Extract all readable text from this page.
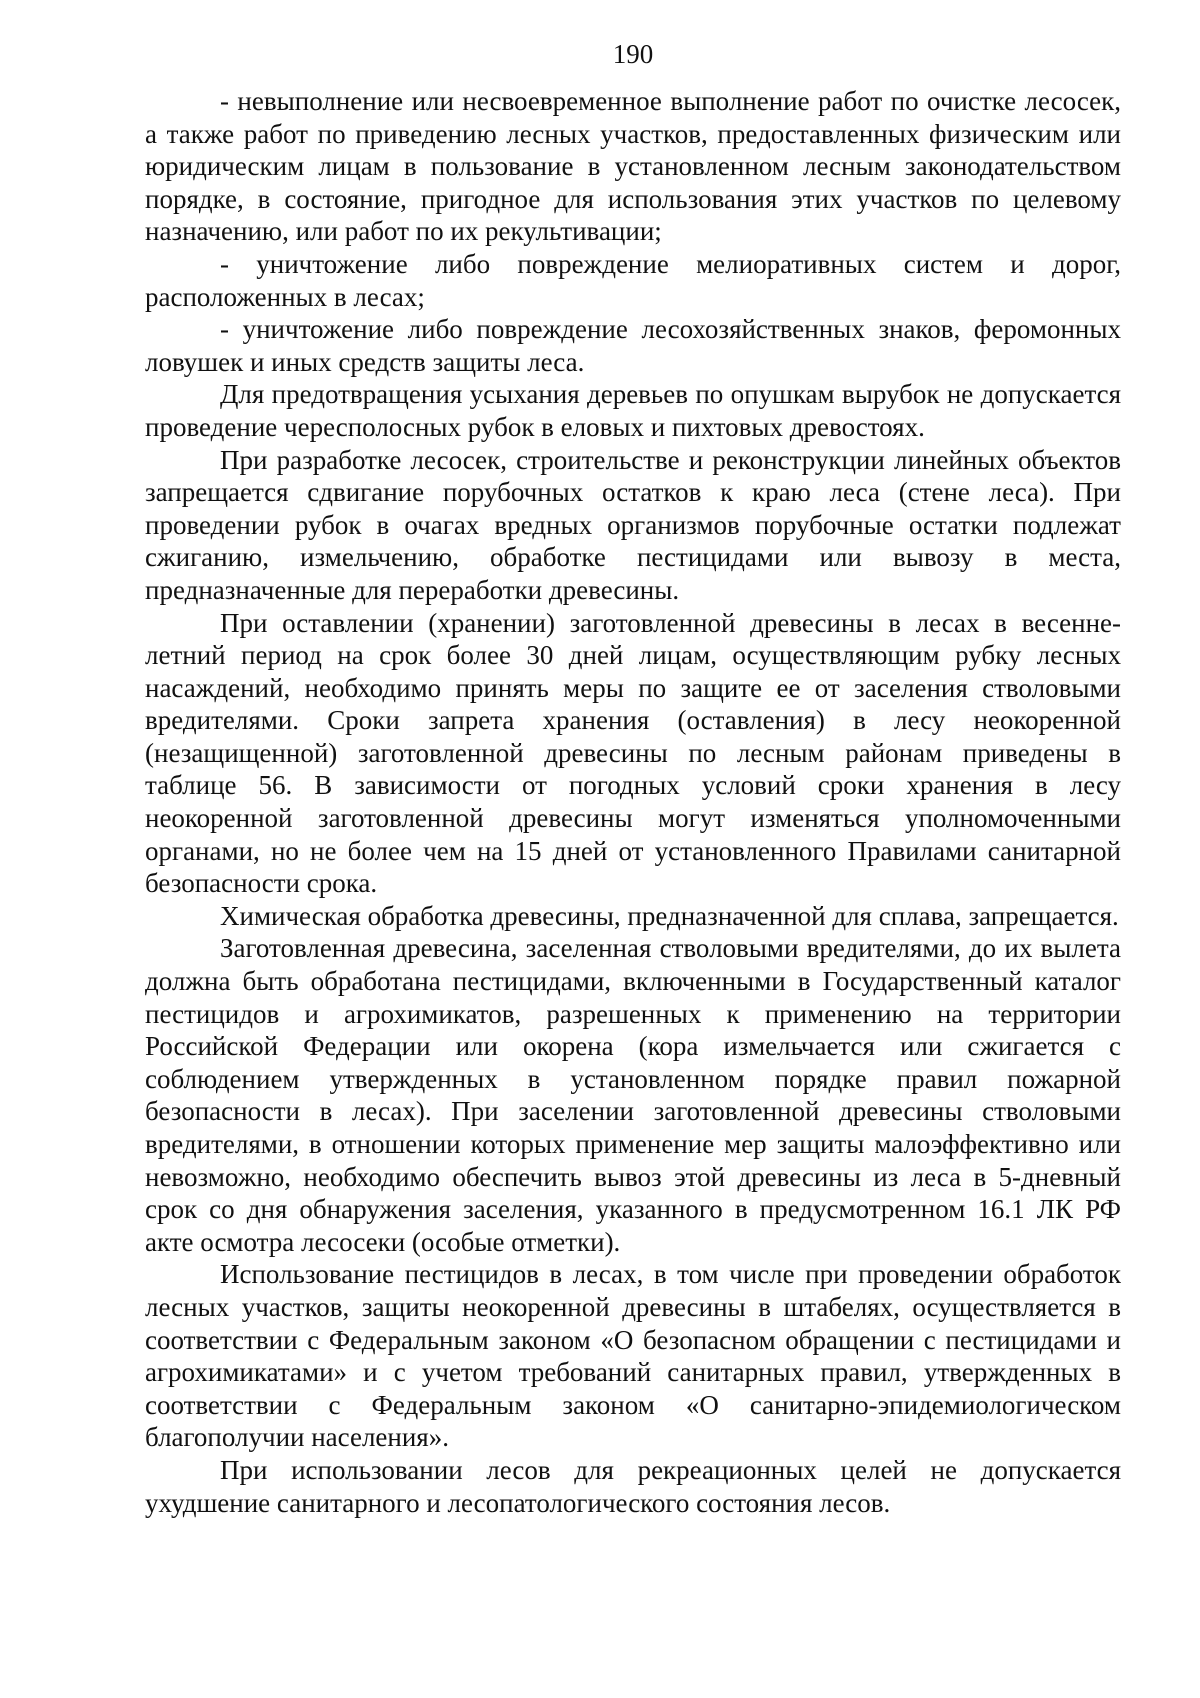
190

- невыполнение или несвоевременное выполнение работ по очистке лесосек, а также работ по приведению лесных участков, предоставленных физическим или юридическим лицам в пользование в установленном лесным законодательством порядке, в состояние, пригодное для использования этих участков по целевому назначению, или работ по их рекультивации;

- уничтожение либо повреждение мелиоративных систем и дорог, расположенных в лесах;

- уничтожение либо повреждение лесохозяйственных знаков, феромонных ловушек и иных средств защиты леса.

Для предотвращения усыхания деревьев по опушкам вырубок не допускается проведение чересполосных рубок в еловых и пихтовых древостоях.

При разработке лесосек, строительстве и реконструкции линейных объектов запрещается сдвигание порубочных остатков к краю леса (стене леса). При проведении рубок в очагах вредных организмов порубочные остатки подлежат сжиганию, измельчению, обработке пестицидами или вывозу в места, предназначенные для переработки древесины.

При оставлении (хранении) заготовленной древесины в лесах в весенне-летний период на срок более 30 дней лицам, осуществляющим рубку лесных насаждений, необходимо принять меры по защите ее от заселения стволовыми вредителями. Сроки запрета хранения (оставления) в лесу неокоренной (незащищенной) заготовленной древесины по лесным районам приведены в таблице 56. В зависимости от погодных условий сроки хранения в лесу неокоренной заготовленной древесины могут изменяться уполномоченными органами, но не более чем на 15 дней от установленного Правилами санитарной безопасности срока.

Химическая обработка древесины, предназначенной для сплава, запрещается.

Заготовленная древесина, заселенная стволовыми вредителями, до их вылета должна быть обработана пестицидами, включенными в Государственный каталог пестицидов и агрохимикатов, разрешенных к применению на территории Российской Федерации или окорена (кора измельчается или сжигается с соблюдением утвержденных в установленном порядке правил пожарной безопасности в лесах). При заселении заготовленной древесины стволовыми вредителями, в отношении которых применение мер защиты малоэффективно или невозможно, необходимо обеспечить вывоз этой древесины из леса в 5-дневный срок со дня обнаружения заселения, указанного в предусмотренном 16.1 ЛК РФ акте осмотра лесосеки (особые отметки).

Использование пестицидов в лесах, в том числе при проведении обработок лесных участков, защиты неокоренной древесины в штабелях, осуществляется в соответствии с Федеральным законом «О безопасном обращении с пестицидами и агрохимикатами» и с учетом требований санитарных правил, утвержденных в соответствии с Федеральным законом «О санитарно-эпидемиологическом благополучии населения».

При использовании лесов для рекреационных целей не допускается ухудшение санитарного и лесопатологического состояния лесов.
